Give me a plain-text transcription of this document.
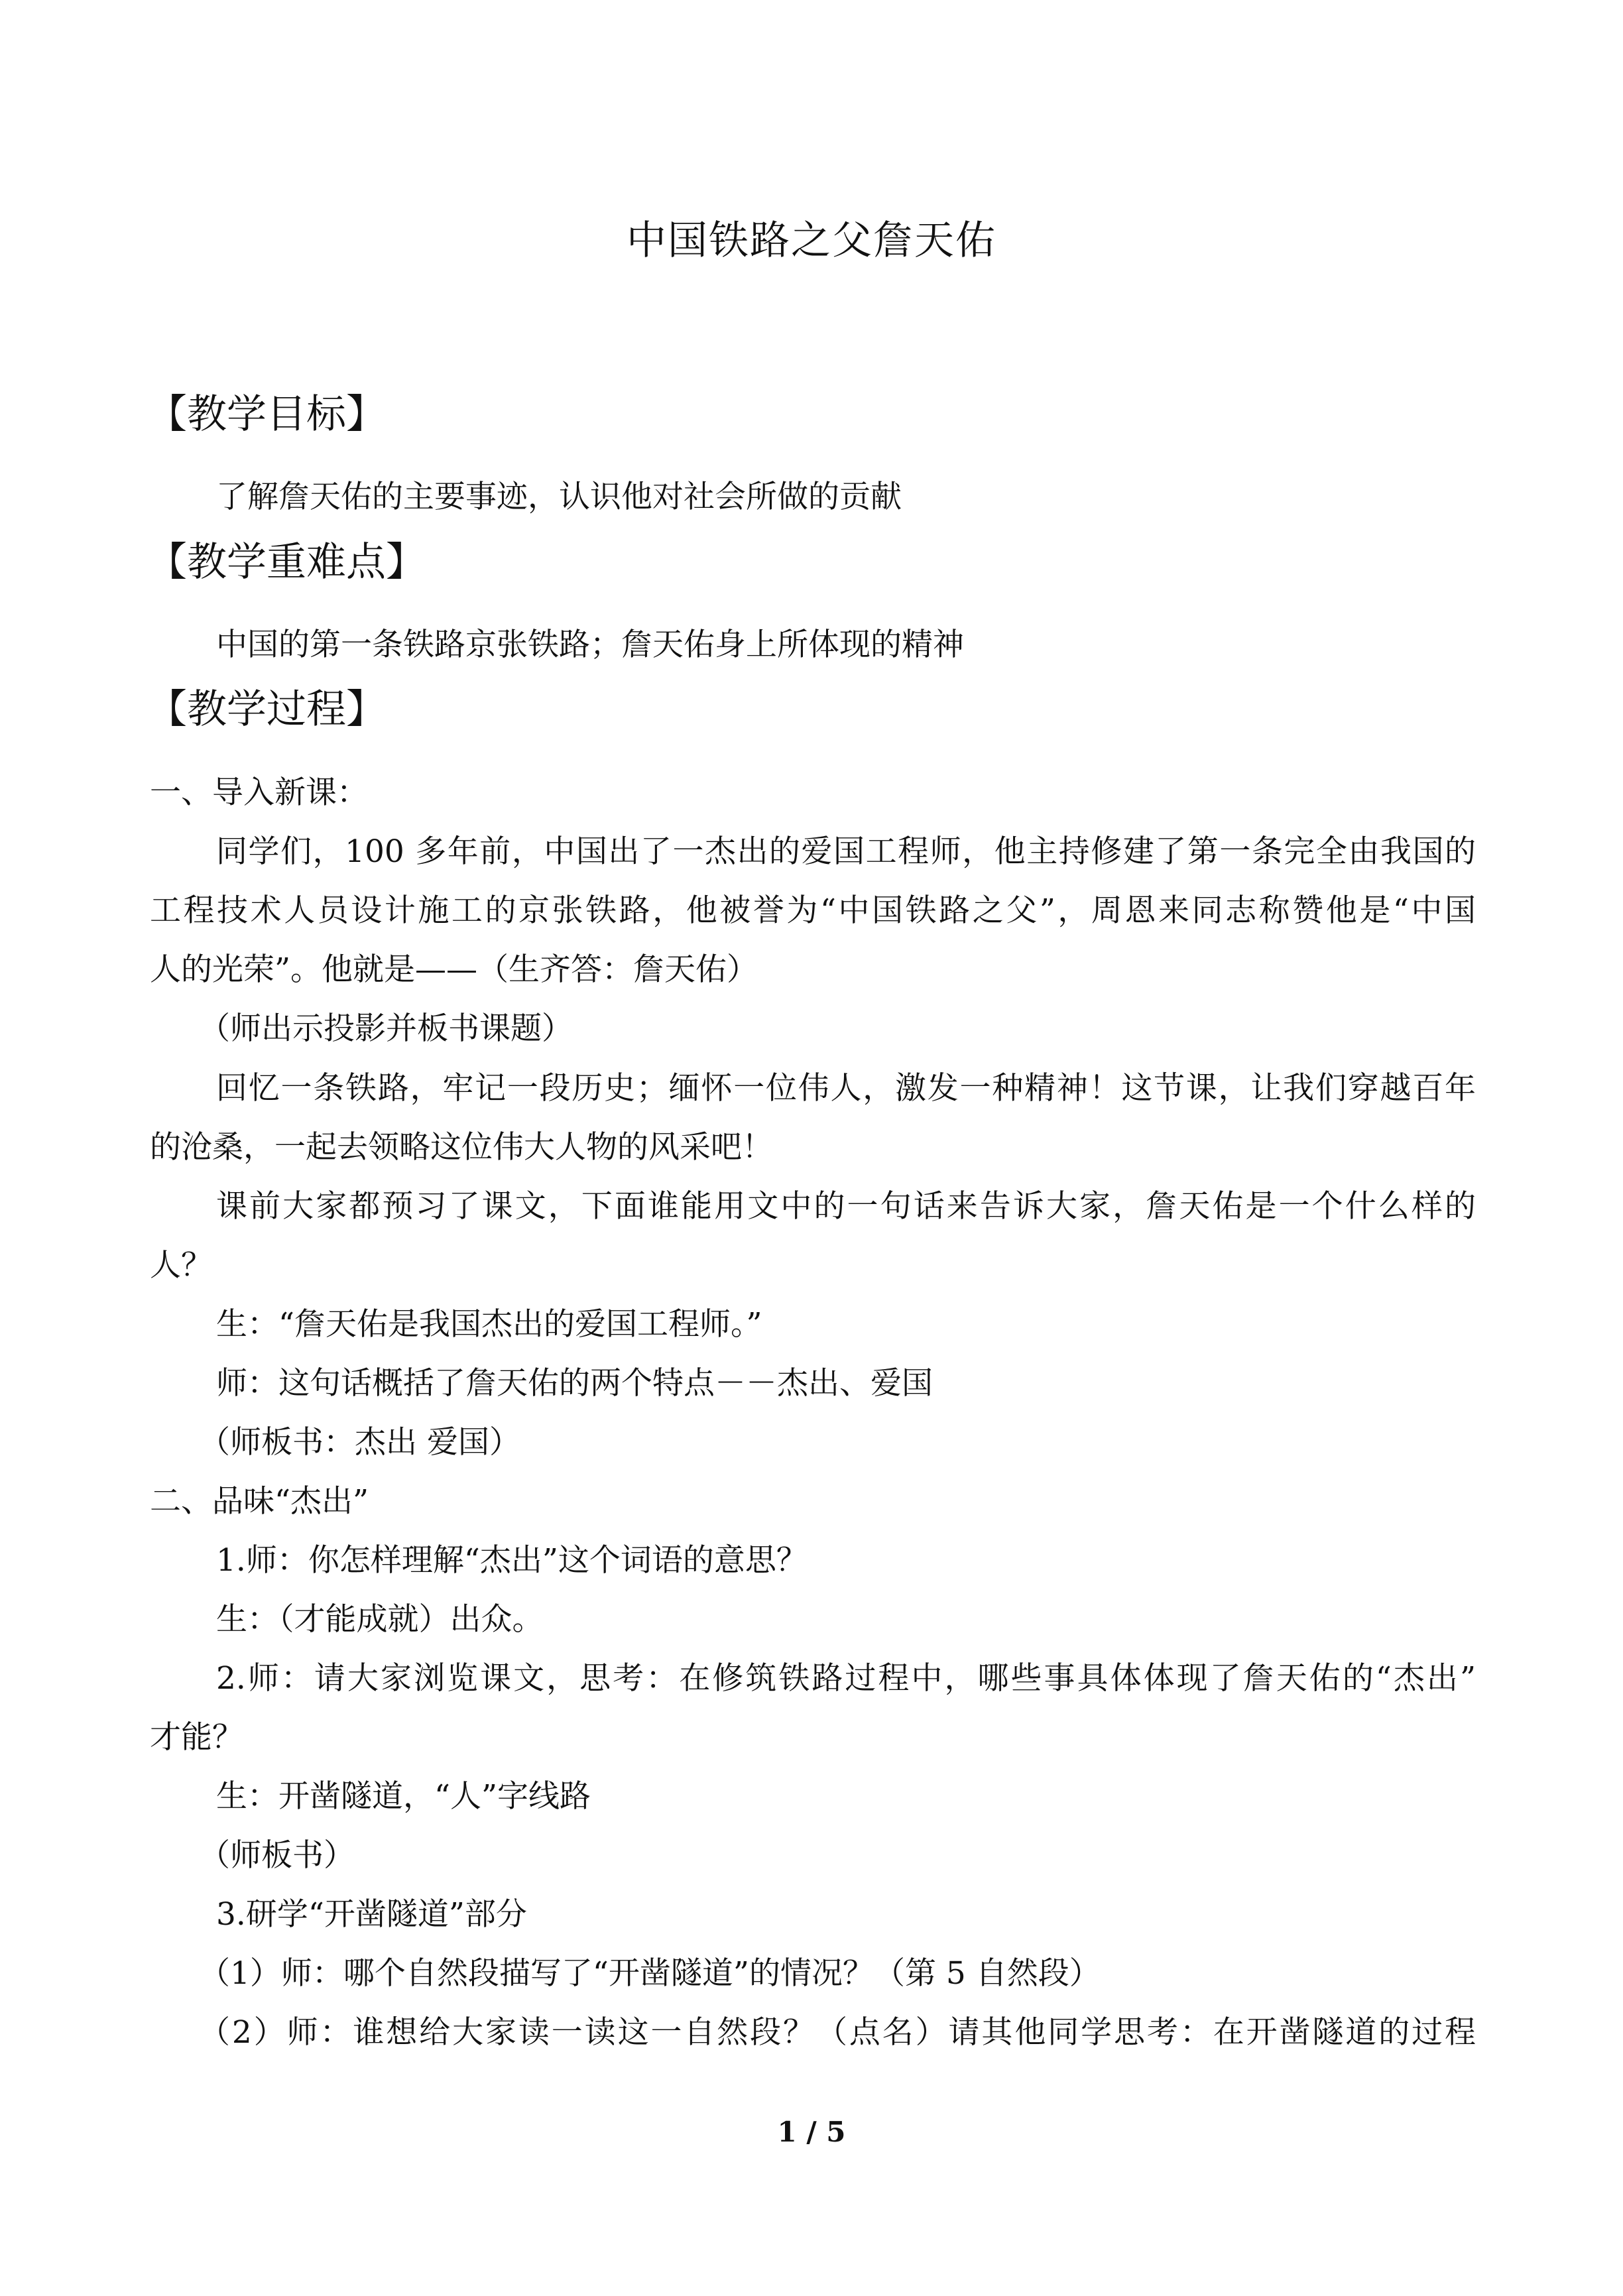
中国铁路之父詹天佑
【教学目标】
了解詹天佑的主要事迹，认识他对社会所做的贡献
【教学重难点】
中国的第一条铁路京张铁路；詹天佑身上所体现的精神
【教学过程】
一、导入新课：
同学们，100 多年前，中国出了一杰出的爱国工程师，他主持修建了第一条完全由我国的
工程技术人员设计施工的京张铁路，他被誉为“中国铁路之父”，周恩来同志称赞他是“中国
人的光荣”。他就是——（生齐答：詹天佑）
（师出示投影并板书课题）
回忆一条铁路，牢记一段历史；缅怀一位伟人，激发一种精神！这节课，让我们穿越百年
的沧桑，一起去领略这位伟大人物的风采吧！
课前大家都预习了课文，下面谁能用文中的一句话来告诉大家，詹天佑是一个什么样的
人？
生：“詹天佑是我国杰出的爱国工程师。”
师：这句话概括了詹天佑的两个特点－－杰出、爱国
（师板书：杰出 爱国）
二、品味“杰出”
1.师：你怎样理解“杰出”这个词语的意思？
生：（才能成就）出众。
2.师：请大家浏览课文，思考：在修筑铁路过程中，哪些事具体体现了詹天佑的“杰出”
才能？
生：开凿隧道，“人”字线路
（师板书）
3.研学“开凿隧道”部分
（1）师：哪个自然段描写了“开凿隧道”的情况？（第 5 自然段）
（2）师：谁想给大家读一读这一自然段？（点名）请其他同学思考：在开凿隧道的过程
1 / 5
